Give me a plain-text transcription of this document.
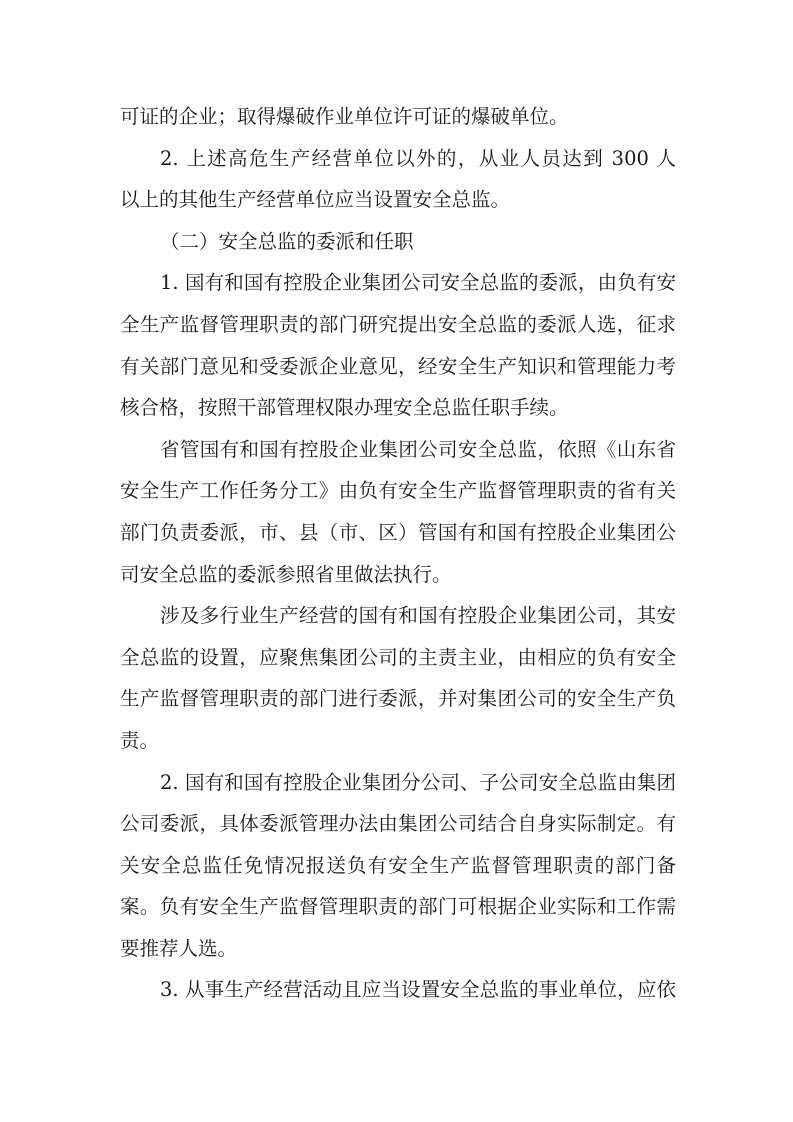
可证的企业；取得爆破作业单位许可证的爆破单位。
2. 上述高危生产经营单位以外的，从业人员达到 300 人
以上的其他生产经营单位应当设置安全总监。
（二）安全总监的委派和任职
1. 国有和国有控股企业集团公司安全总监的委派，由负有安
全生产监督管理职责的部门研究提出安全总监的委派人选，征求
有关部门意见和受委派企业意见，经安全生产知识和管理能力考
核合格，按照干部管理权限办理安全总监任职手续。
省管国有和国有控股企业集团公司安全总监，依照《山东省
安全生产工作任务分工》由负有安全生产监督管理职责的省有关
部门负责委派，市、县（市、区）管国有和国有控股企业集团公
司安全总监的委派参照省里做法执行。
涉及多行业生产经营的国有和国有控股企业集团公司，其安
全总监的设置，应聚焦集团公司的主责主业，由相应的负有安全
生产监督管理职责的部门进行委派，并对集团公司的安全生产负
责。
2. 国有和国有控股企业集团分公司、子公司安全总监由集团
公司委派，具体委派管理办法由集团公司结合自身实际制定。有
关安全总监任免情况报送负有安全生产监督管理职责的部门备
案。负有安全生产监督管理职责的部门可根据企业实际和工作需
要推荐人选。
3. 从事生产经营活动且应当设置安全总监的事业单位，应依
